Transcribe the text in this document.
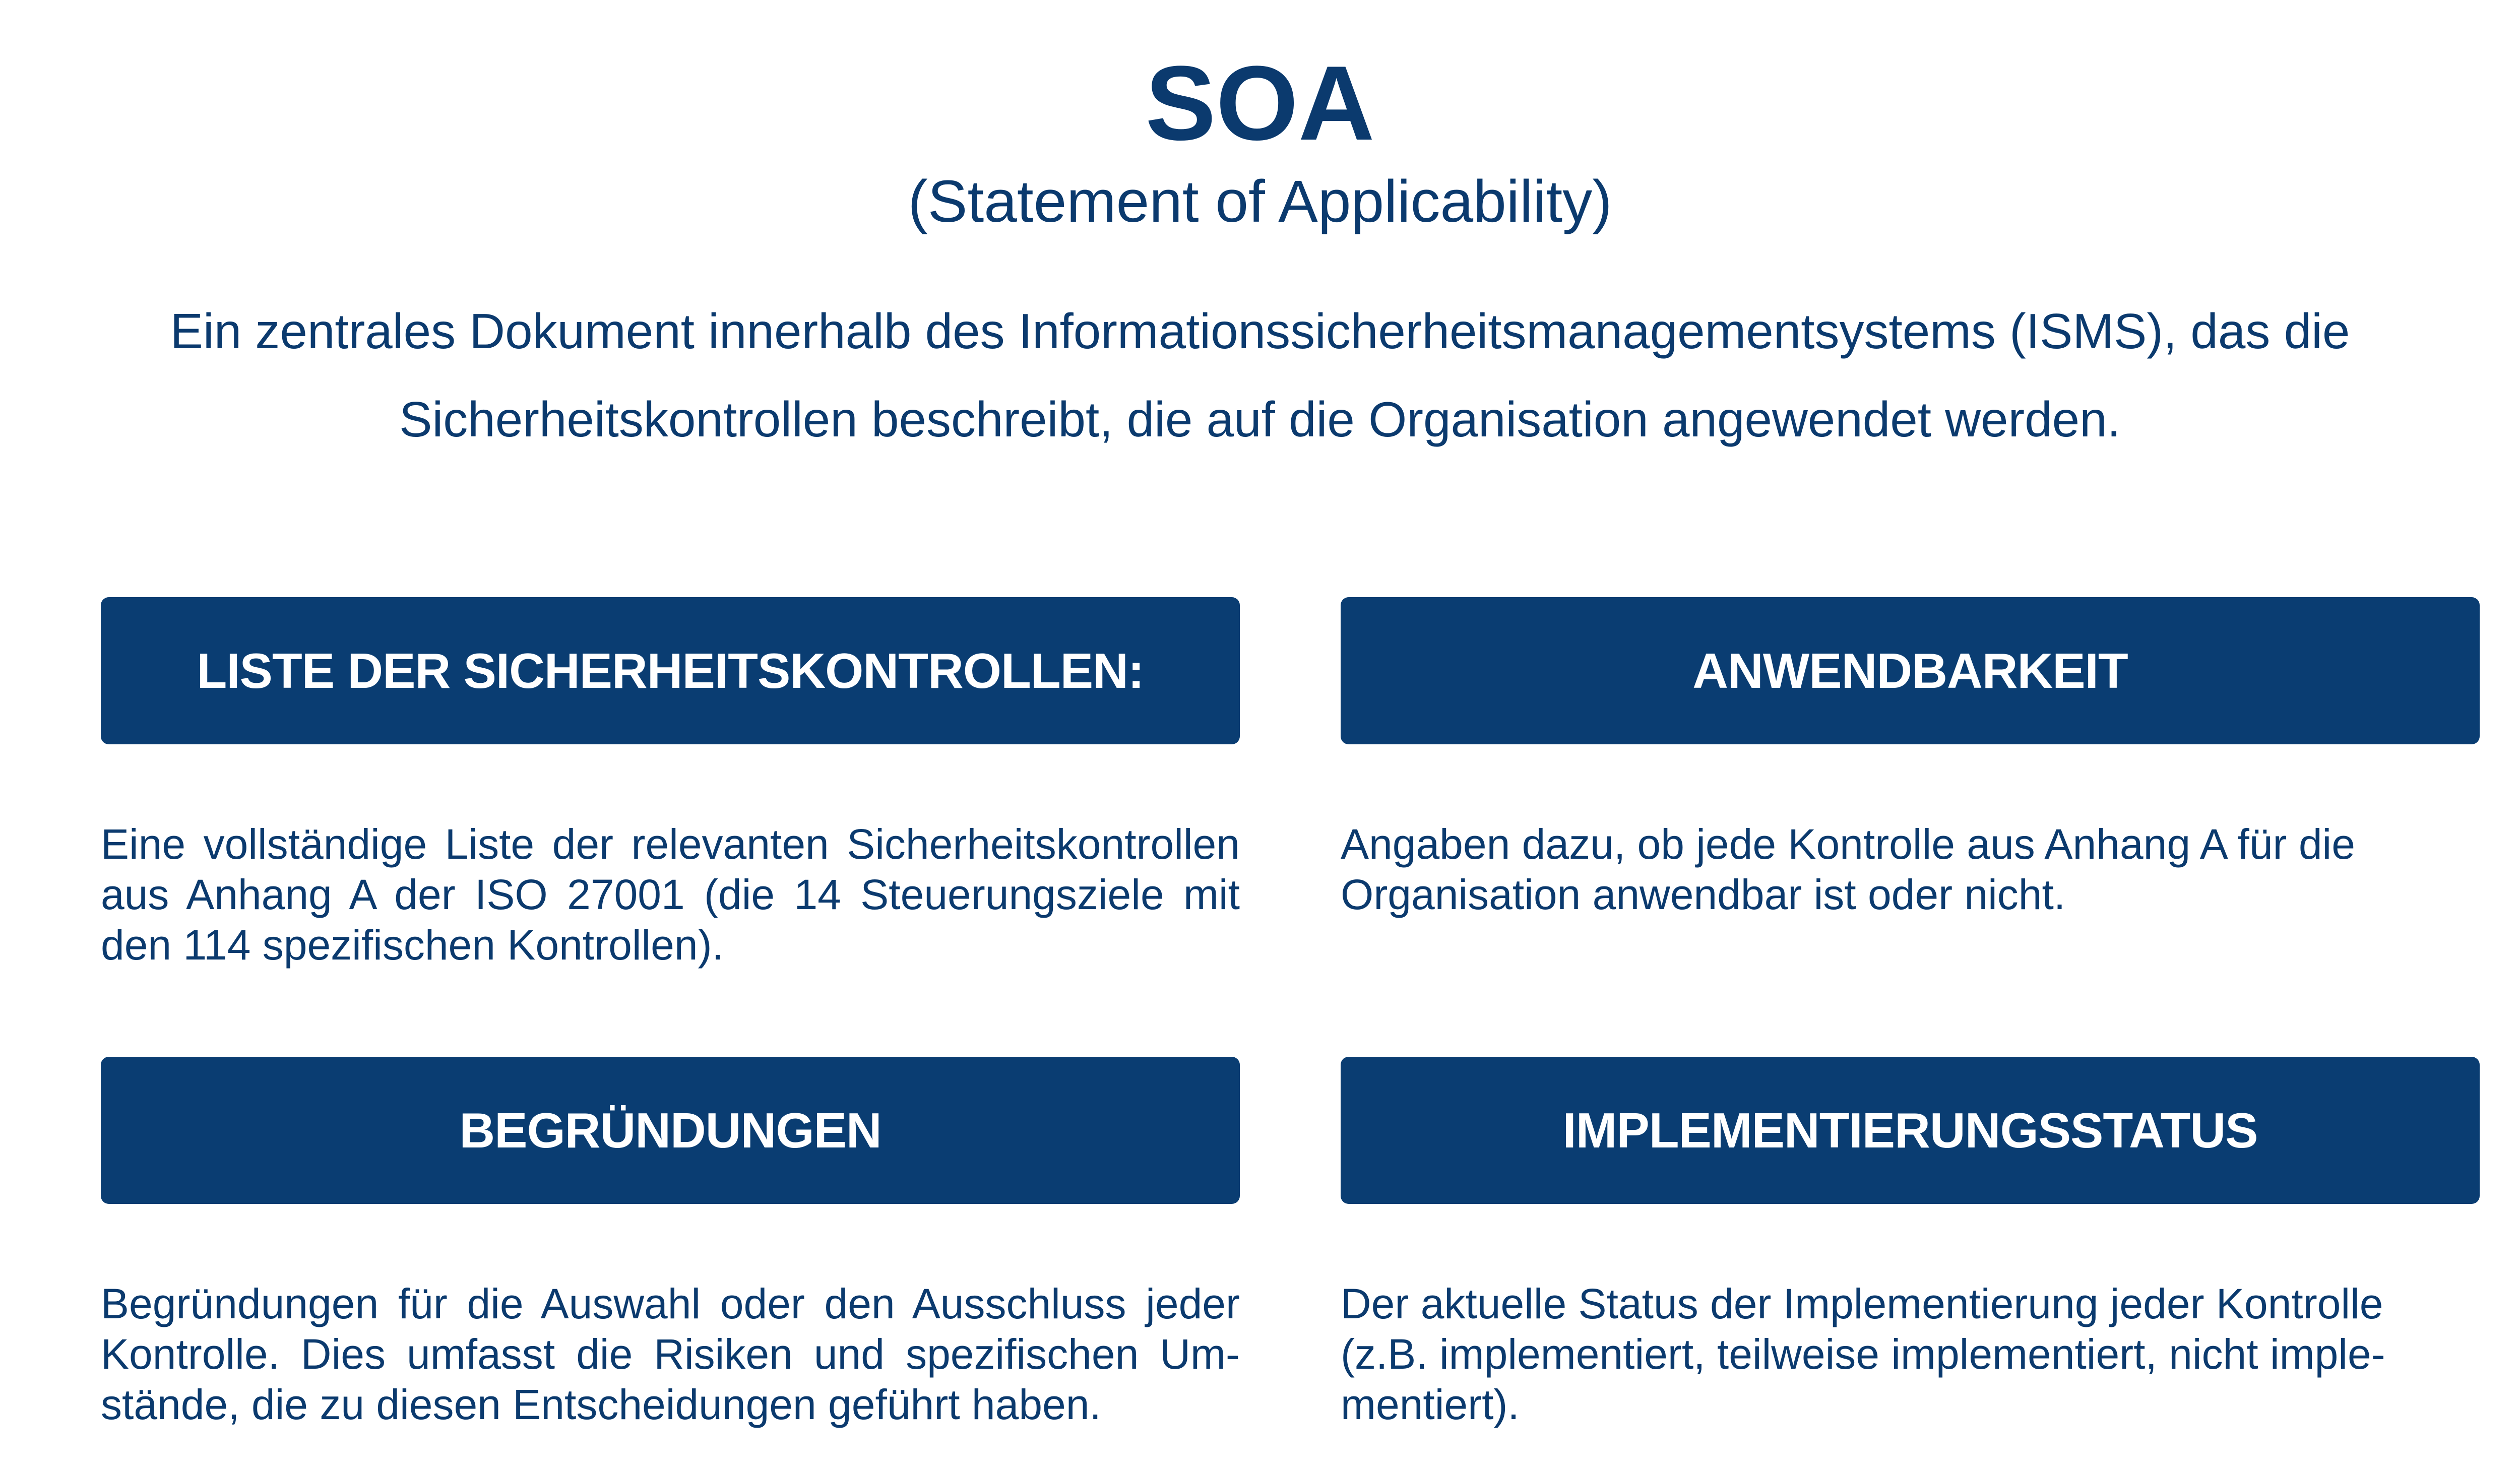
SOA
(Statement of Applicability)
Ein zentrales Dokument innerhalb des Informationssicherheitsmanagementsystems (ISMS), das die Sicherheitskontrollen beschreibt, die auf die Organisation angewendet werden.
LISTE DER SICHERHEITSKONTROLLEN:
Eine vollständige Liste der relevanten Sicherheitskontrollen aus Anhang A der ISO 27001 (die 14 Steuerungsziele mit den 114 spezifischen Kontrollen).
ANWENDBARKEIT
Angaben dazu, ob jede Kontrolle aus Anhang A für die Organisation anwendbar ist oder nicht.
BEGRÜNDUNGEN
Begründungen für die Auswahl oder den Ausschluss jeder Kontrolle. Dies umfasst die Risiken und spezifischen Umstände, die zu diesen Entscheidungen geführt haben.
IMPLEMENTIERUNGSSTATUS
Der aktuelle Status der Implementierung jeder Kontrolle (z.B. implementiert, teilweise implementiert, nicht implementiert).
